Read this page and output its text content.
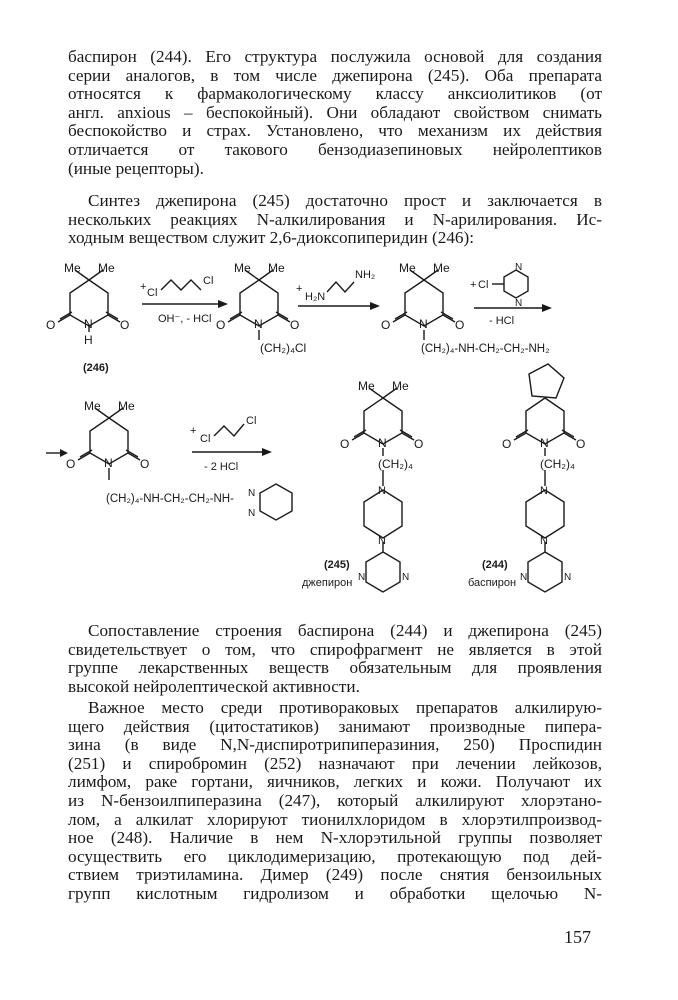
баспирон (244). Его структура послужила основой для создания
серии аналогов, в том числе джепирона (245). Оба препарата
относятся к фармакологическому классу анксиолитиков (от
англ. anxious – беспокойный). Они обладают свойством снимать
беспокойство и страх. Установлено, что механизм их действия
отличается от такового бензодиазепиновых нейролептиков
(иные рецепторы).

Синтез джепирона (245) достаточно прост и заключается в
нескольких реакциях N-алкилирования и N-арилирования. Ис-
ходным веществом служит 2,6-диоксопиперидин (246):

Me Me
O	O
N
H
(246)
+ Cl
Cl
OH⁻, - HCl
Me Me
O	O
N
(CH₂)₄Cl
+
H₂N
NH₂ Me Me
O	O
N
(CH₂)₄-NH-CH₂-CH₂-NH₂
+ Cl
N
N
- HCl
Me Me
O	O
N
(CH₂)₄-NH-CH₂-CH₂-NH- N
N
+
Cl
Cl
- 2 HCl
Me Me
O	O
N
(CH₂)₄
N
N
N	N
(245)
джепирон
O	O
N
(CH₂)₄
N
N
N	N
(244)
баспирон

Сопоставление строения баспирона (244) и джепирона (245)
свидетельствует о том, что спирофрагмент не является в этой
группе лекарственных веществ обязательным для проявления
высокой нейролептической активности.

Важное место среди противораковых препаратов алкилирую-
щего действия (цитостатиков) занимают производные пипера-
зина (в виде N,N-диспиротрипиперазиния, 250) Проспидин
(251) и спиробромин (252) назначают при лечении лейкозов,
лимфом, раке гортани, яичников, легких и кожи. Получают их
из N-бензоилпиперазина (247), который алкилируют хлорэтано-
лом, а алкилат хлорируют тионилхлоридом в хлорэтилпроизвод-
ное (248). Наличие в нем N-хлорэтильной группы позволяет
осуществить его циклодимеризацию, протекающую под дей-
ствием триэтиламина. Димер (249) после снятия бензоильных
групп кислотным гидролизом и обработки щелочью N-

157
